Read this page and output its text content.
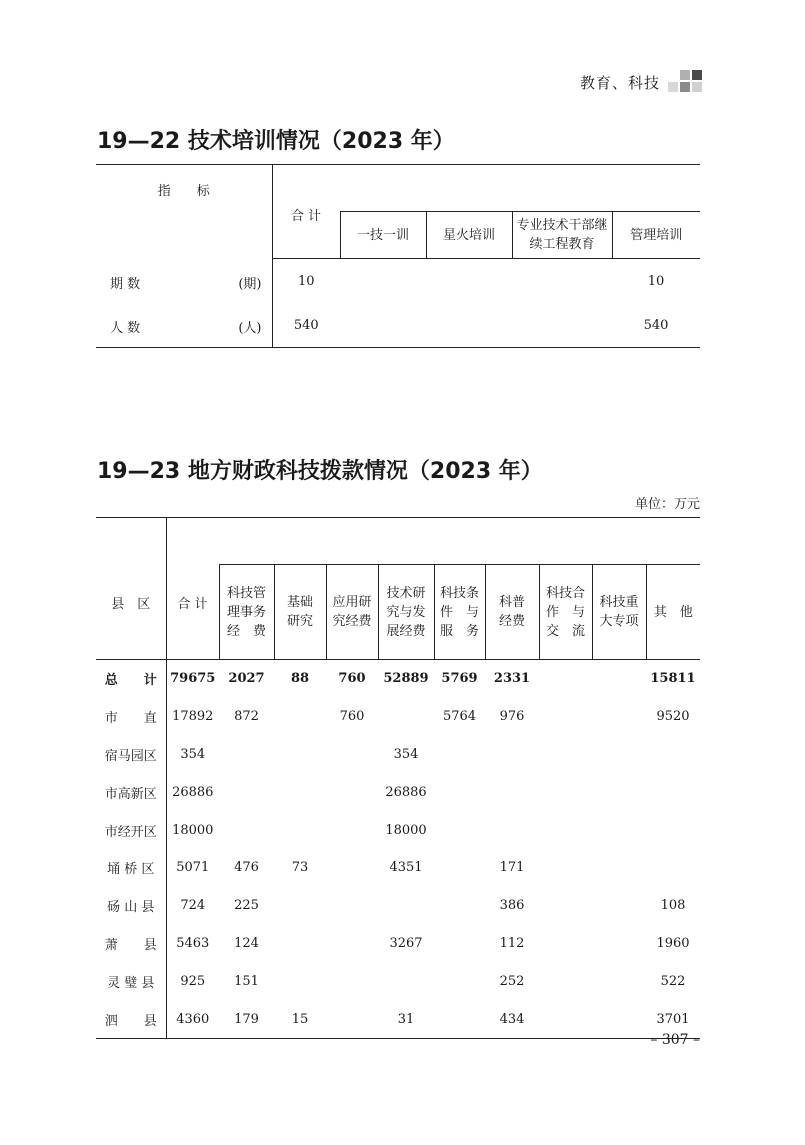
教育、科技
19—22 技术培训情况（2023 年）
指　　标	合 计				
		一技一训	星火培训	专业技术干部继续工程教育	管理培训

期 数 (期)	10				10

人 数 (人)	540				540
19—23 地方财政科技拨款情况（2023 年）
单位：万元
县　区	合 计									
		科技管理事务经　费	基础研究	应用研究经费	技术研究与发展经费	科技条件　与服　务	科普经费	科技合作　与交　流	科技重大专项	其　他
总　　计	79675	2027	88	760	52889	5769	2331			15811
市　　直	17892	872		760		5764	976			9520
宿马园区	354				354					
市高新区	26886				26886					
市经开区	18000				18000					
埇 桥 区	5071	476	73		4351		171			
砀 山 县	724	225					386			108
萧　　县	5463	124			3267		112			1960
灵 璧 县	925	151					252			522
泗　　县	4360	179	15		31		434			3701
– 307 –
